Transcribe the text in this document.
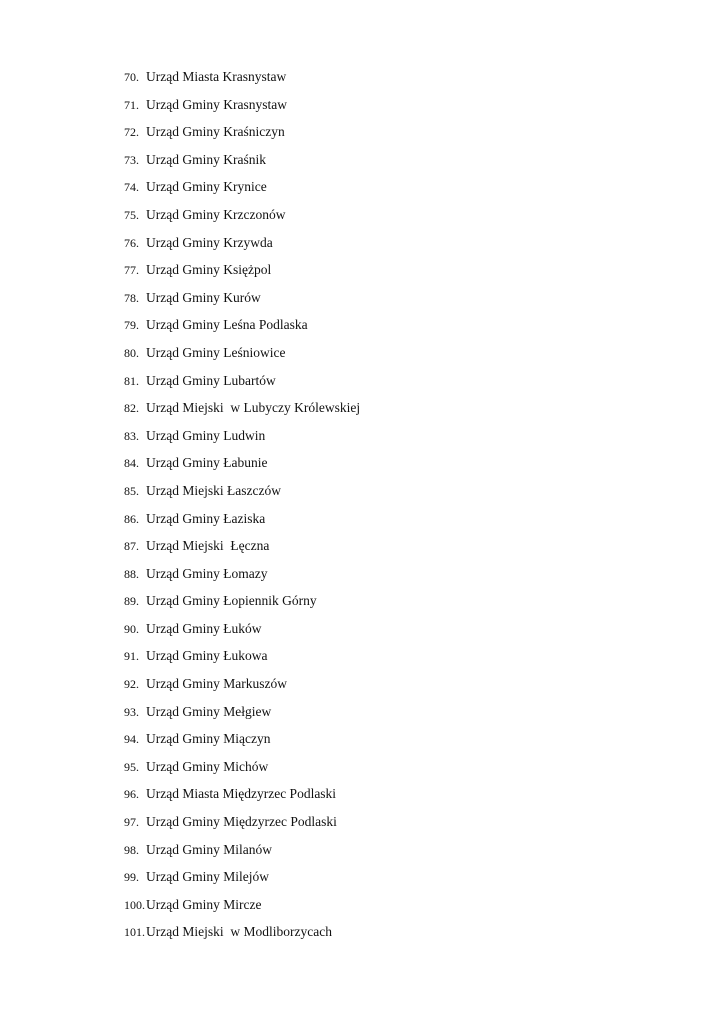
70. Urząd Miasta Krasnystaw
71. Urząd Gminy Krasnystaw
72. Urząd Gminy Kraśniczyn
73. Urząd Gminy Kraśnik
74. Urząd Gminy Krynice
75. Urząd Gminy Krzczonów
76. Urząd Gminy Krzywda
77. Urząd Gminy Księżpol
78. Urząd Gminy Kurów
79. Urząd Gminy Leśna Podlaska
80. Urząd Gminy Leśniowice
81. Urząd Gminy Lubartów
82. Urząd Miejski  w Lubyczy Królewskiej
83. Urząd Gminy Ludwin
84. Urząd Gminy Łabunie
85. Urząd Miejski Łaszczów
86. Urząd Gminy Łaziska
87. Urząd Miejski  Łęczna
88. Urząd Gminy Łomazy
89. Urząd Gminy Łopiennik Górny
90. Urząd Gminy Łuków
91. Urząd Gminy Łukowa
92. Urząd Gminy Markuszów
93. Urząd Gminy Mełgiew
94. Urząd Gminy Miączyn
95. Urząd Gminy Michów
96. Urząd Miasta Międzyrzec Podlaski
97. Urząd Gminy Międzyrzec Podlaski
98. Urząd Gminy Milanów
99. Urząd Gminy Milejów
100. Urząd Gminy Mircze
101. Urząd Miejski  w Modliborzycach
